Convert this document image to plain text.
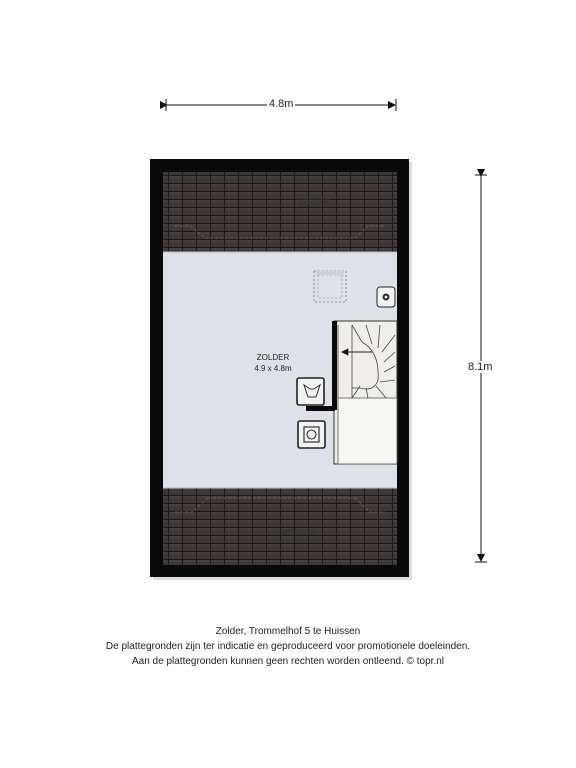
4.8m
8.1m
BERGING
BERGING
ZOLDER
4.9 x 4.8m
Zolder, Trommelhof 5 te Huissen
De plattegronden zijn ter indicatie en geproduceerd voor promotionele doeleinden.
Aan de plattegronden kunnen geen rechten worden ontleend. © topr.nl
